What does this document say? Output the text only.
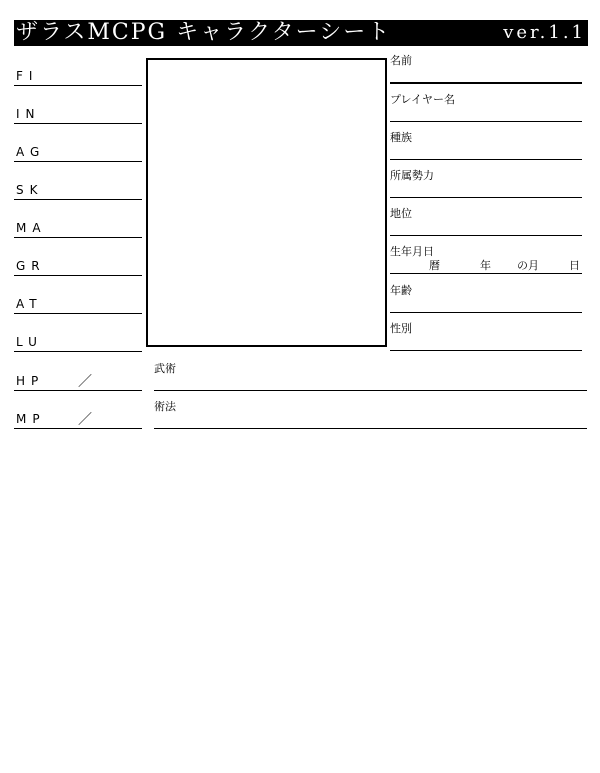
ザラスMCPG キャラクターシート	ver.1.1
FI
IN
AG
SK
MA
GR
AT
LU
HP ／
MP ／
名前
プレイヤー名
種族
所属勢力
地位
生年月日
暦	年 の月	日
年齢
性別
武術
術法
